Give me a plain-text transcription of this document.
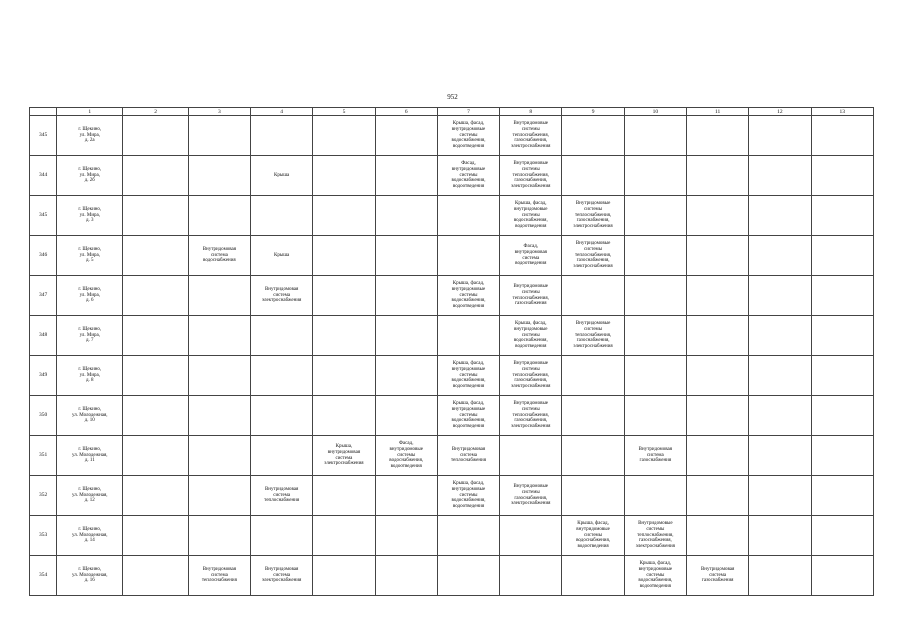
952
	1	2	3	4	5	6	7	8	9	10	11	12	13
345	г. Щекино,
ул. Мира,
д. 2а						Крыша, фасад,
внутридомовые
системы
водоснабжения,
водоотведения	Внутридомовые
системы
теплоснабжения,
газоснабжения,
электроснабжения					
344	г. Щекино,
ул. Мира,
д. 2б			Крыша			Фасад,
внутридомовые
системы
водоснабжения,
водоотведения	Внутридомовые
системы
теплоснабжения,
газоснабжения,
электроснабжения					
345	г. Щекино,
ул. Мира,
д. 3							Крыша, фасад,
внутридомовые
системы
водоснабжения,
водоотведения	Внутридомовые
системы
теплоснабжения,
газоснабжения,
электроснабжения				
346	г. Щекино,
ул. Мира,
д. 5		Внутридомовая
система
водоснабжения	Крыша				Фасад,
внутридомовая
система
водоотведения	Внутридомовые
системы
теплоснабжения,
газоснабжения,
электроснабжения				
347	г. Щекино,
ул. Мира,
д. 6			Внутридомовая
система
электроснабжения			Крыша, фасад,
внутридомовые
системы
водоснабжения,
водоотведения	Внутридомовые
системы
теплоснабжения,
газоснабжения					
348	г. Щекино,
ул. Мира,
д. 7							Крыша, фасад,
внутридомовые
системы
водоснабжения,
водоотведения	Внутридомовые
системы
теплоснабжения,
газоснабжения,
электроснабжения				
349	г. Щекино,
ул. Мира,
д. 8						Крыша, фасад,
внутридомовые
системы
водоснабжения,
водоотведения	Внутридомовые
системы
теплоснабжения,
газоснабжения,
электроснабжения					
350	г. Щекино,
ул. Молодежная,
д. 10						Крыша, фасад,
внутридомовые
системы
водоснабжения,
водоотведения	Внутридомовые
системы
теплоснабжения,
газоснабжения,
электроснабжения					
351	г. Щекино,
ул. Молодежная,
д. 11				Крыша,
внутридомовая
система
электроснабжения	Фасад,
внутридомовые
системы
водоснабжения,
водоотведения	Внутридомовая
система
теплоснабжения			Внутридомовая
система
газоснабжения			
352	г. Щекино,
ул. Молодежная,
д. 12			Внутридомовая
система
теплоснабжения			Крыша, фасад,
внутридомовые
системы
водоснабжения,
водоотведения	Внутридомовые
системы
газоснабжения,
электроснабжения					
353	г. Щекино,
ул. Молодежная,
д. 14								Крыша, фасад,
внутридомовые
системы
водоснабжения,
водоотведения	Внутридомовые
системы
теплоснабжения,
газоснабжения,
электроснабжения			
354	г. Щекино,
ул. Молодежная,
д. 16		Внутридомовая
система
теплоснабжения	Внутридомовая
система
электроснабжения						Крыша, фасад,
внутридомовые
системы
водоснабжения,
водоотведения	Внутридомовая
система
газоснабжения		
